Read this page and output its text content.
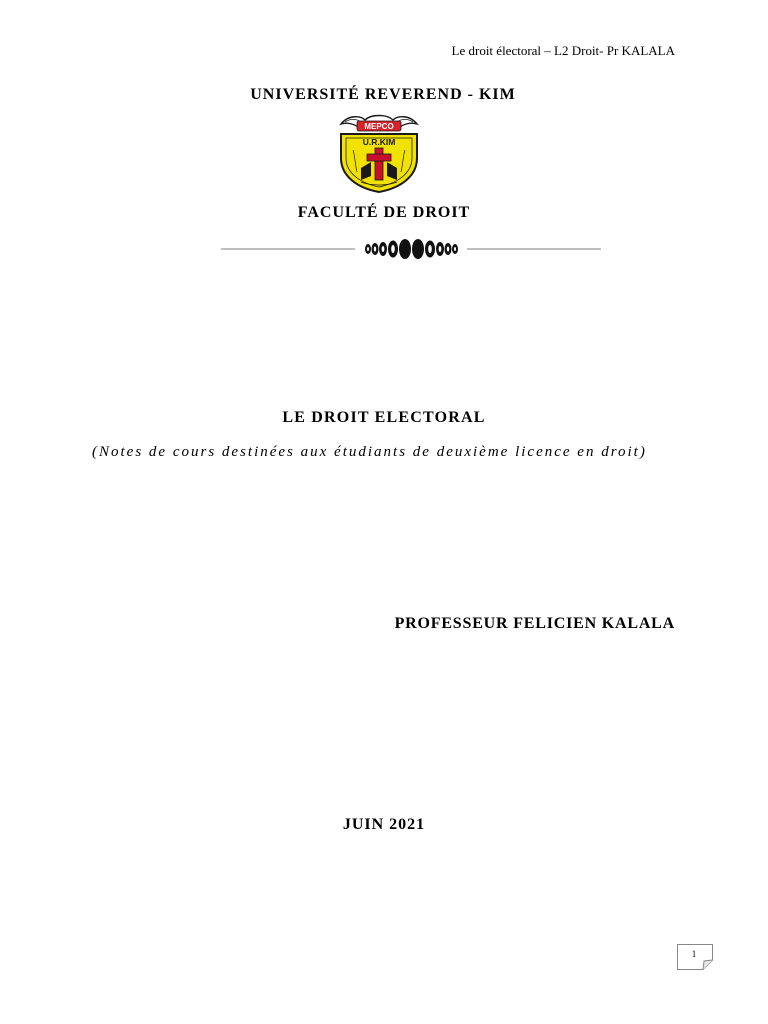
Le droit électoral – L2 Droit- Pr KALALA
UNIVERSITÉ REVEREND - KIM
MEPCO
U.R.KIM
FACULTÉ DE DROIT
LE DROIT ELECTORAL
(Notes de cours destinées aux étudiants de deuxième licence en droit)
PROFESSEUR FELICIEN KALALA
JUIN 2021
1
